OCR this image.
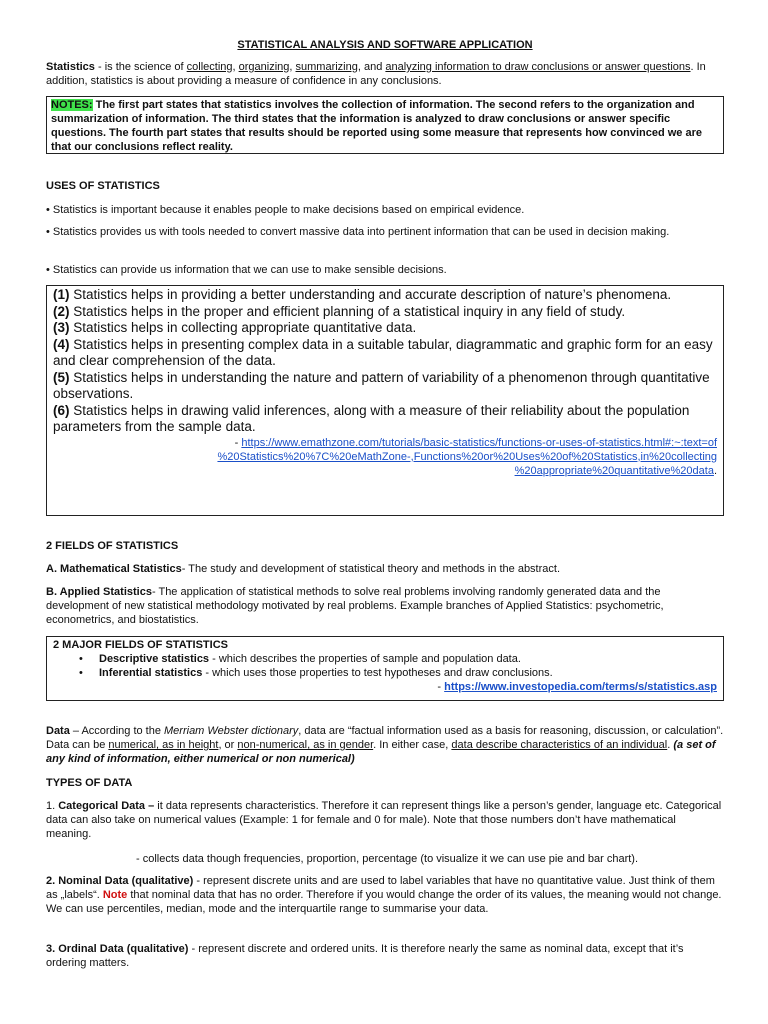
STATISTICAL ANALYSIS AND SOFTWARE APPLICATION
Statistics - is the science of collecting, organizing, summarizing, and analyzing information to draw conclusions or answer questions. In addition, statistics is about providing a measure of confidence in any conclusions.
NOTES: The first part states that statistics involves the collection of information. The second refers to the organization and summarization of information. The third states that the information is analyzed to draw conclusions or answer specific questions. The fourth part states that results should be reported using some measure that represents how convinced we are that our conclusions reflect reality.
USES OF STATISTICS
• Statistics is important because it enables people to make decisions based on empirical evidence.
• Statistics provides us with tools needed to convert massive data into pertinent information that can be used in decision making.
• Statistics can provide us information that we can use to make sensible decisions.
(1) Statistics helps in providing a better understanding and accurate description of nature’s phenomena.
(2) Statistics helps in the proper and efficient planning of a statistical inquiry in any field of study.
(3) Statistics helps in collecting appropriate quantitative data.
(4) Statistics helps in presenting complex data in a suitable tabular, diagrammatic and graphic form for an easy and clear comprehension of the data.
(5) Statistics helps in understanding the nature and pattern of variability of a phenomenon through quantitative observations.
(6) Statistics helps in drawing valid inferences, along with a measure of their reliability about the population parameters from the sample data.
- https://www.emathzone.com/tutorials/basic-statistics/functions-or-uses-of-statistics.html#:~:text=of
%20Statistics%20%7C%20eMathZone-,Functions%20or%20Uses%20of%20Statistics,in%20collecting
%20appropriate%20quantitative%20data.
2 FIELDS OF STATISTICS
A. Mathematical Statistics- The study and development of statistical theory and methods in the abstract.
B. Applied Statistics- The application of statistical methods to solve real problems involving randomly generated data and the development of new statistical methodology motivated by real problems. Example branches of Applied Statistics: psychometric, econometrics, and biostatistics.
2 MAJOR FIELDS OF STATISTICS
• Descriptive statistics - which describes the properties of sample and population data.
• Inferential statistics - which uses those properties to test hypotheses and draw conclusions.
- https://www.investopedia.com/terms/s/statistics.asp
Data – According to the Merriam Webster dictionary, data are “factual information used as a basis for reasoning, discussion, or calculation”. Data can be numerical, as in height, or non-numerical, as in gender. In either case, data describe characteristics of an individual. (a set of any kind of information, either numerical or non numerical)
TYPES OF DATA
1. Categorical Data – it data represents characteristics. Therefore it can represent things like a person’s gender, language etc. Categorical data can also take on numerical values (Example: 1 for female and 0 for male). Note that those numbers don’t have mathematical meaning.
- collects data though frequencies, proportion, percentage (to visualize it we can use pie and bar chart).
2. Nominal Data (qualitative) - represent discrete units and are used to label variables that have no quantitative value. Just think of them as „labels“. Note that nominal data that has no order. Therefore if you would change the order of its values, the meaning would not change. We can use percentiles, median, mode and the interquartile range to summarise your data.
3. Ordinal Data (qualitative) - represent discrete and ordered units. It is therefore nearly the same as nominal data, except that it’s ordering matters.
